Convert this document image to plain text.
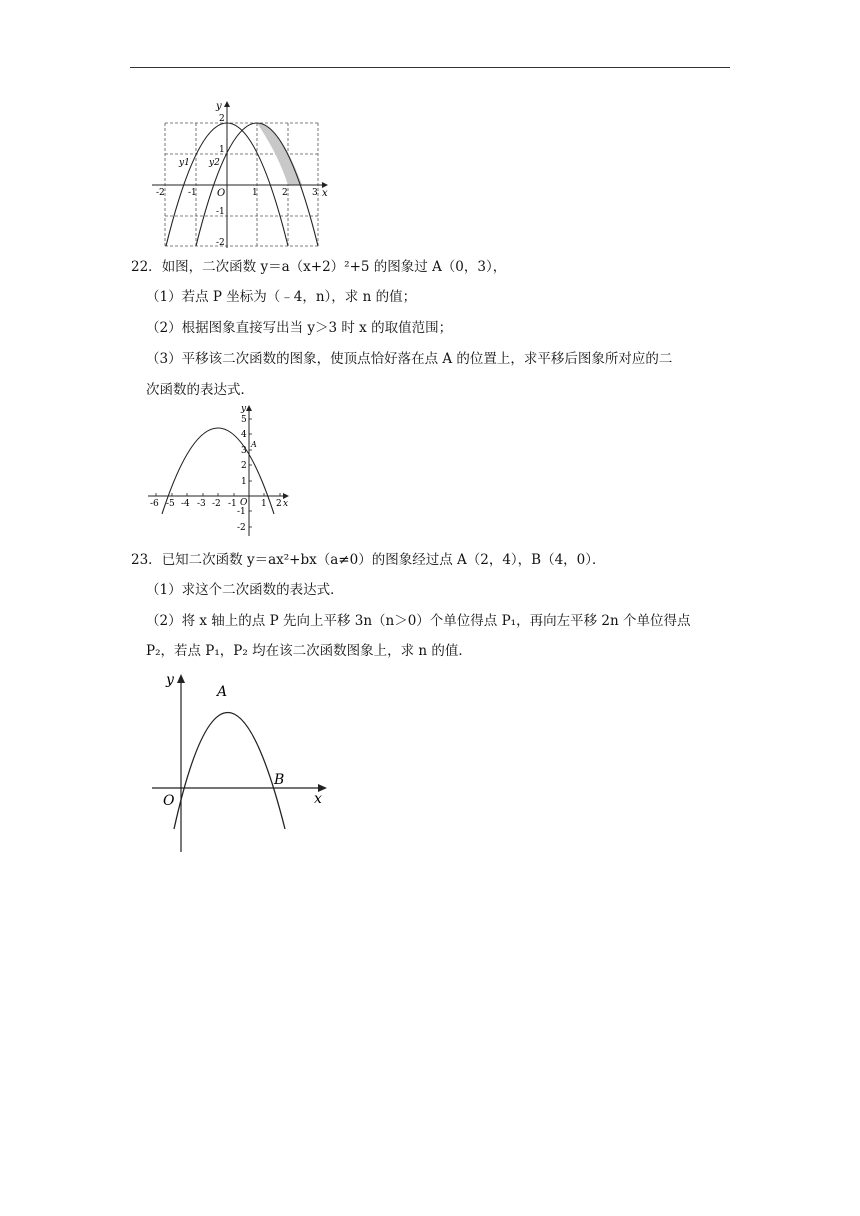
y
x
O
y1 y2
-2	-1	1	2	3
2
1
-1
-2
22．如图，二次函数 y＝a（x+2）²+5 的图象过 A（0，3），
（1）若点 P 坐标为（﹣4，n），求 n 的值；
（2）根据图象直接写出当 y＞3 时 x 的取值范围；
（3）平移该二次函数的图象，使顶点恰好落在点 A 的位置上，求平移后图象所对应的二
次函数的表达式．
y
x
O
A
-6 -5 -4 -3 -2 -1	1 2
5
4
3
2
1
-1
-2
23．已知二次函数 y＝ax²+bx（a≠0）的图象经过点 A（2，4），B（4，0）．
（1）求这个二次函数的表达式．
（2）将 x 轴上的点 P 先向上平移 3n（n＞0）个单位得点 P₁，再向左平移 2n 个单位得点
P₂，若点 P₁，P₂ 均在该二次函数图象上，求 n 的值．
y
x
O
A
B
